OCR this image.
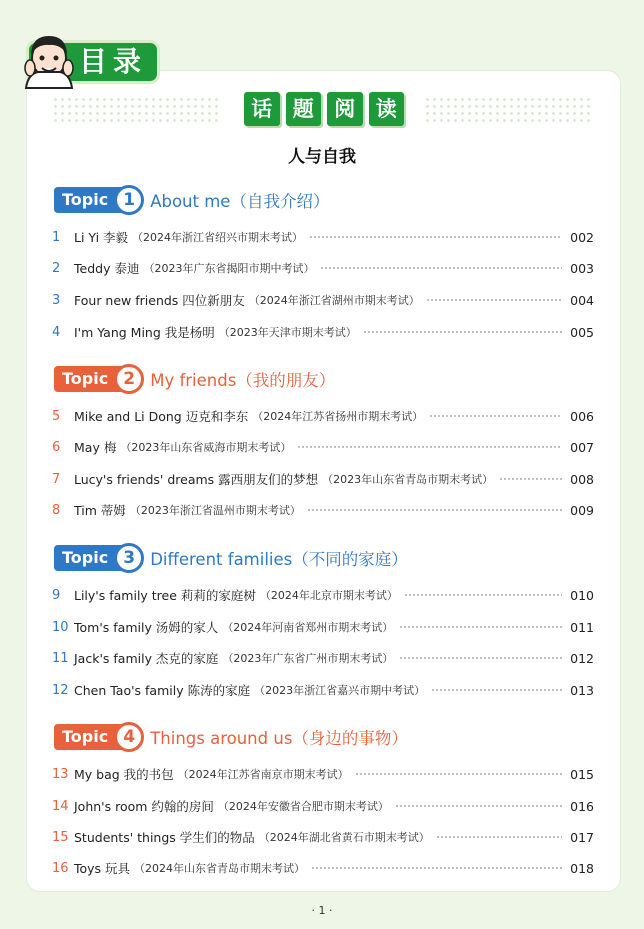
目录
话 题 阅 读
人与自我
Topic 1 About me（自我介绍）
1	Li Yi 李毅 （2024年浙江省绍兴市期末考试）	002
2	Teddy 泰迪 （2023年广东省揭阳市期中考试）	003
3	Four new friends 四位新朋友 （2024年浙江省湖州市期末考试）	004
4	I'm Yang Ming 我是杨明 （2023年天津市期末考试）	005
Topic 2 My friends（我的朋友）
5	Mike and Li Dong 迈克和李东 （2024年江苏省扬州市期末考试）	006
6	May 梅 （2023年山东省威海市期末考试）	007
7	Lucy's friends' dreams 露西朋友们的梦想 （2023年山东省青岛市期末考试）	008
8	Tim 蒂姆 （2023年浙江省温州市期末考试）	009
Topic 3 Different families（不同的家庭）
9	Lily's family tree 莉莉的家庭树 （2024年北京市期末考试）	010
10 Tom's family 汤姆的家人 （2024年河南省郑州市期末考试）	011
11 Jack's family 杰克的家庭 （2023年广东省广州市期末考试）	012
12 Chen Tao's family 陈涛的家庭 （2023年浙江省嘉兴市期中考试）	013
Topic 4 Things around us（身边的事物）
13 My bag 我的书包 （2024年江苏省南京市期末考试）	015
14 John's room 约翰的房间 （2024年安徽省合肥市期末考试）	016
15 Students' things 学生们的物品 （2024年湖北省黄石市期末考试）	017
16 Toys 玩具 （2024年山东省青岛市期末考试）	018
· 1 ·
